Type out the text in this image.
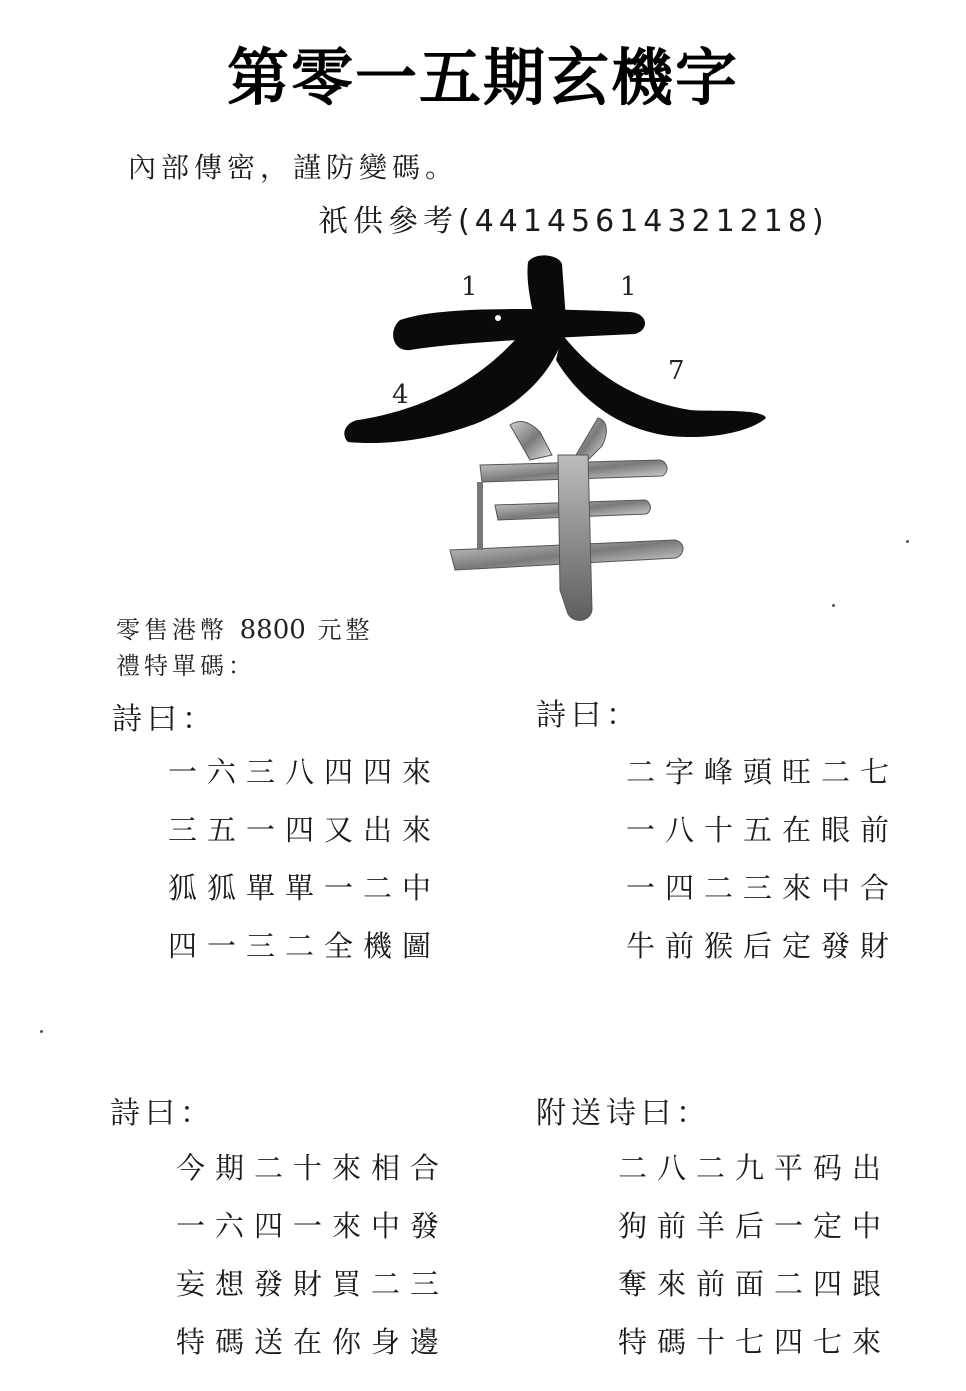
第零一五期玄機字
內部傳密，謹防變碼。
祇供參考(44145614321218)
1	1
4
7
零售港幣 8800 元整
禮特單碼：
詩曰：
一六三八四四來
三五一四又出來
狐狐單單一二中
四一三二全機圖
詩曰：
二字峰頭旺二七
一八十五在眼前
一四二三來中合
牛前猴后定發財
詩曰：
今期二十來相合
一六四一來中發
妄想發財買二三
特碼送在你身邊
附送诗曰：
二八二九平码出
狗前羊后一定中
奪來前面二四跟
特碼十七四七來
